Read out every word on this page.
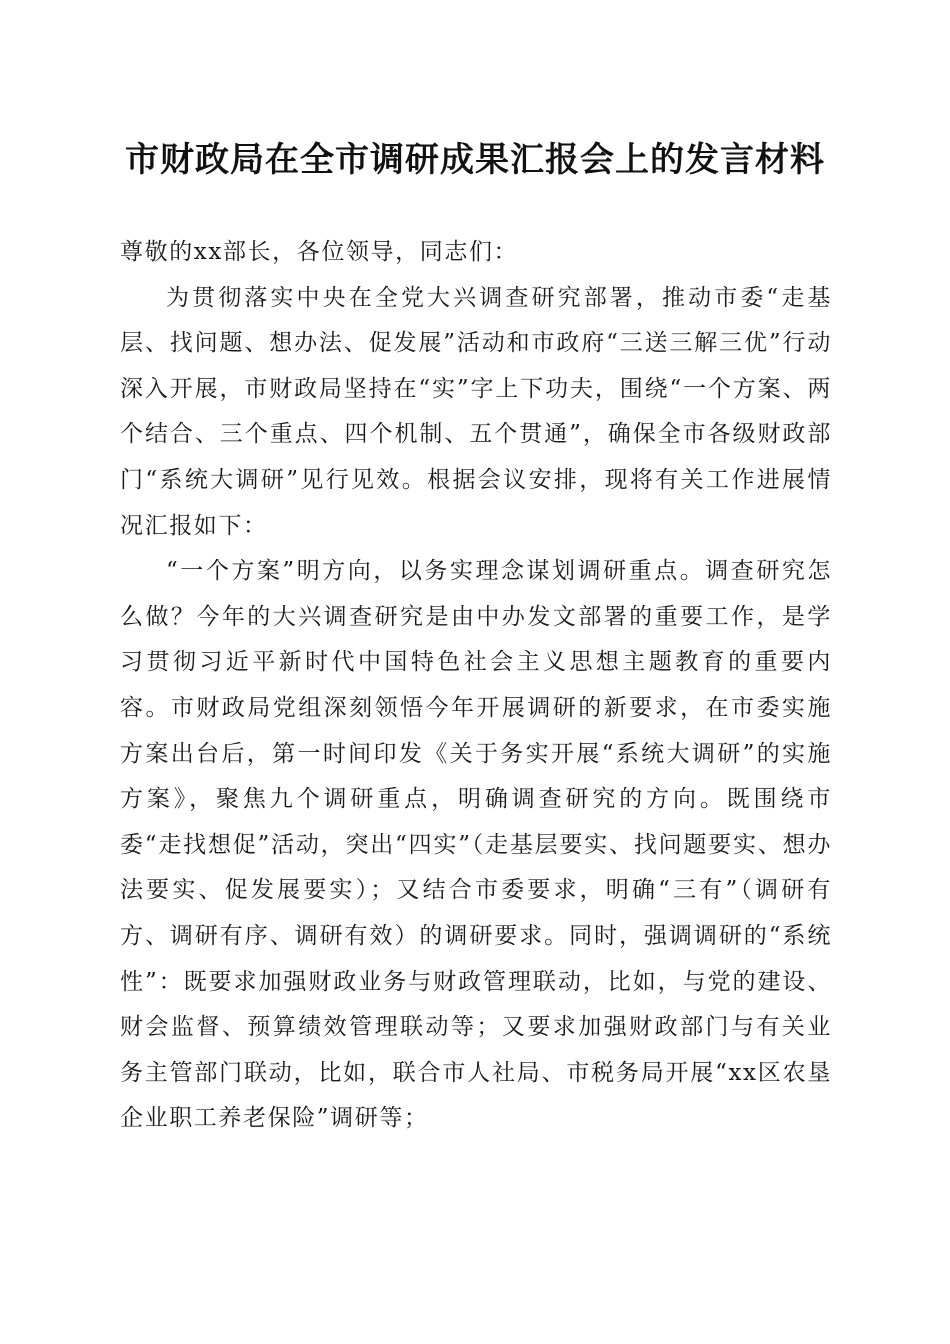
市财政局在全市调研成果汇报会上的发言材料

尊敬的xx部长，各位领导，同志们：

为贯彻落实中央在全党大兴调查研究部署，推动市委“走基层、找问题、想办法、促发展”活动和市政府“三送三解三优”行动深入开展，市财政局坚持在“实”字上下功夫，围绕“一个方案、两个结合、三个重点、四个机制、五个贯通”，确保全市各级财政部门“系统大调研”见行见效。根据会议安排，现将有关工作进展情况汇报如下：

“一个方案”明方向，以务实理念谋划调研重点。调查研究怎么做？今年的大兴调查研究是由中办发文部署的重要工作，是学习贯彻习近平新时代中国特色社会主义思想主题教育的重要内容。市财政局党组深刻领悟今年开展调研的新要求，在市委实施方案出台后，第一时间印发《关于务实开展“系统大调研”的实施方案》，聚焦九个调研重点，明确调查研究的方向。既围绕市委“走找想促”活动，突出“四实”（走基层要实、找问题要实、想办法要实、促发展要实）；又结合市委要求，明确“三有”（调研有方、调研有序、调研有效）的调研要求。同时，强调调研的“系统性”：既要求加强财政业务与财政管理联动，比如，与党的建设、财会监督、预算绩效管理联动等；又要求加强财政部门与有关业务主管部门联动，比如，联合市人社局、市税务局开展“xx区农垦企业职工养老保险”调研等；
